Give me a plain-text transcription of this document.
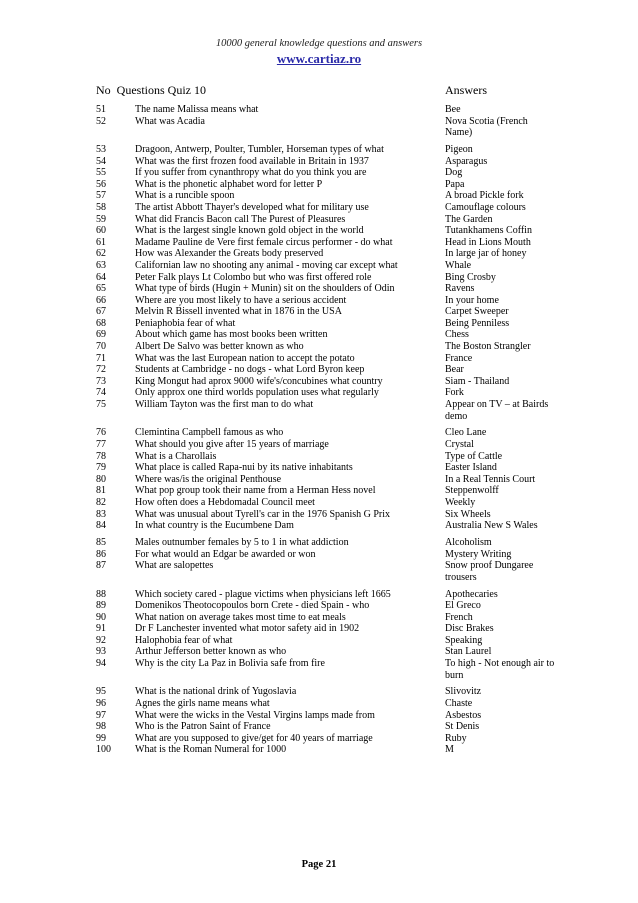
10000 general knowledge questions and answers
www.cartiaz.ro
No Questions Quiz 10	Answers
51	The name Malissa means what	Bee
52	What was Acadia	Nova Scotia (French Name)
53	Dragoon, Antwerp, Poulter, Tumbler, Horseman types of what	Pigeon
54	What was the first frozen food available in Britain in 1937	Asparagus
55	If you suffer from cynanthropy what do you think you are	Dog
56	What is the phonetic alphabet word for letter P	Papa
57	What is a runcible spoon	A broad Pickle fork
58	The artist Abbott Thayer's developed what for military use	Camouflage colours
59	What did Francis Bacon call The Purest of Pleasures	The Garden
60	What is the largest single known gold object in the world	Tutankhamens Coffin
61	Madame Pauline de Vere first female circus performer - do what	Head in Lions Mouth
62	How was Alexander the Greats body preserved	In large jar of honey
63	Californian law no shooting any animal - moving car except what	Whale
64	Peter Falk plays Lt Colombo but who was first offered role	Bing Crosby
65	What type of birds (Hugin + Munin) sit on the shoulders of Odin	Ravens
66	Where are you most likely to have a serious accident	In your home
67	Melvin R Bissell invented what in 1876 in the USA	Carpet Sweeper
68	Peniaphobia fear of what	Being Penniless
69	About which game has most books been written	Chess
70	Albert De Salvo was better known as who	The Boston Strangler
71	What was the last European nation to accept the potato	France
72	Students at Cambridge - no dogs - what Lord Byron keep	Bear
73	King Mongut had aprox 9000 wife's/concubines what country	Siam - Thailand
74	Only approx one third worlds population uses what regularly	Fork
75	William Tayton was the first man to do what	Appear on TV – at Bairds demo
76	Clemintina Campbell famous as who	Cleo Lane
77	What should you give after 15 years of marriage	Crystal
78	What is a Charollais	Type of Cattle
79	What place is called Rapa-nui by its native inhabitants	Easter Island
80	Where was/is the original Penthouse	In a Real Tennis Court
81	What pop group took their name from a Herman Hess novel	Steppenwolff
82	How often does a Hebdomadal Council meet	Weekly
83	What was unusual about Tyrell's car in the 1976 Spanish G Prix	Six Wheels
84	In what country is the Eucumbene Dam	Australia New S Wales
85	Males outnumber females by 5 to 1 in what addiction	Alcoholism
86	For what would an Edgar be awarded or won	Mystery Writing
87	What are salopettes	Snow proof Dungaree trousers
88	Which society cared - plague victims when physicians left 1665	Apothecaries
89	Domenikos Theotocopoulos born Crete - died Spain - who	El Greco
90	What nation on average takes most time to eat meals	French
91	Dr F Lanchester invented what motor safety aid in 1902	Disc Brakes
92	Halophobia fear of what	Speaking
93	Arthur Jefferson better known as who	Stan Laurel
94	Why is the city La Paz in Bolivia safe from fire	To high - Not enough air to burn
95	What is the national drink of Yugoslavia	Slivovitz
96	Agnes the girls name means what	Chaste
97	What were the wicks in the Vestal Virgins lamps made from	Asbestos
98	Who is the Patron Saint of France	St Denis
99	What are you supposed to give/get for 40 years of marriage	Ruby
100 What is the Roman Numeral for 1000	M
Page 21
